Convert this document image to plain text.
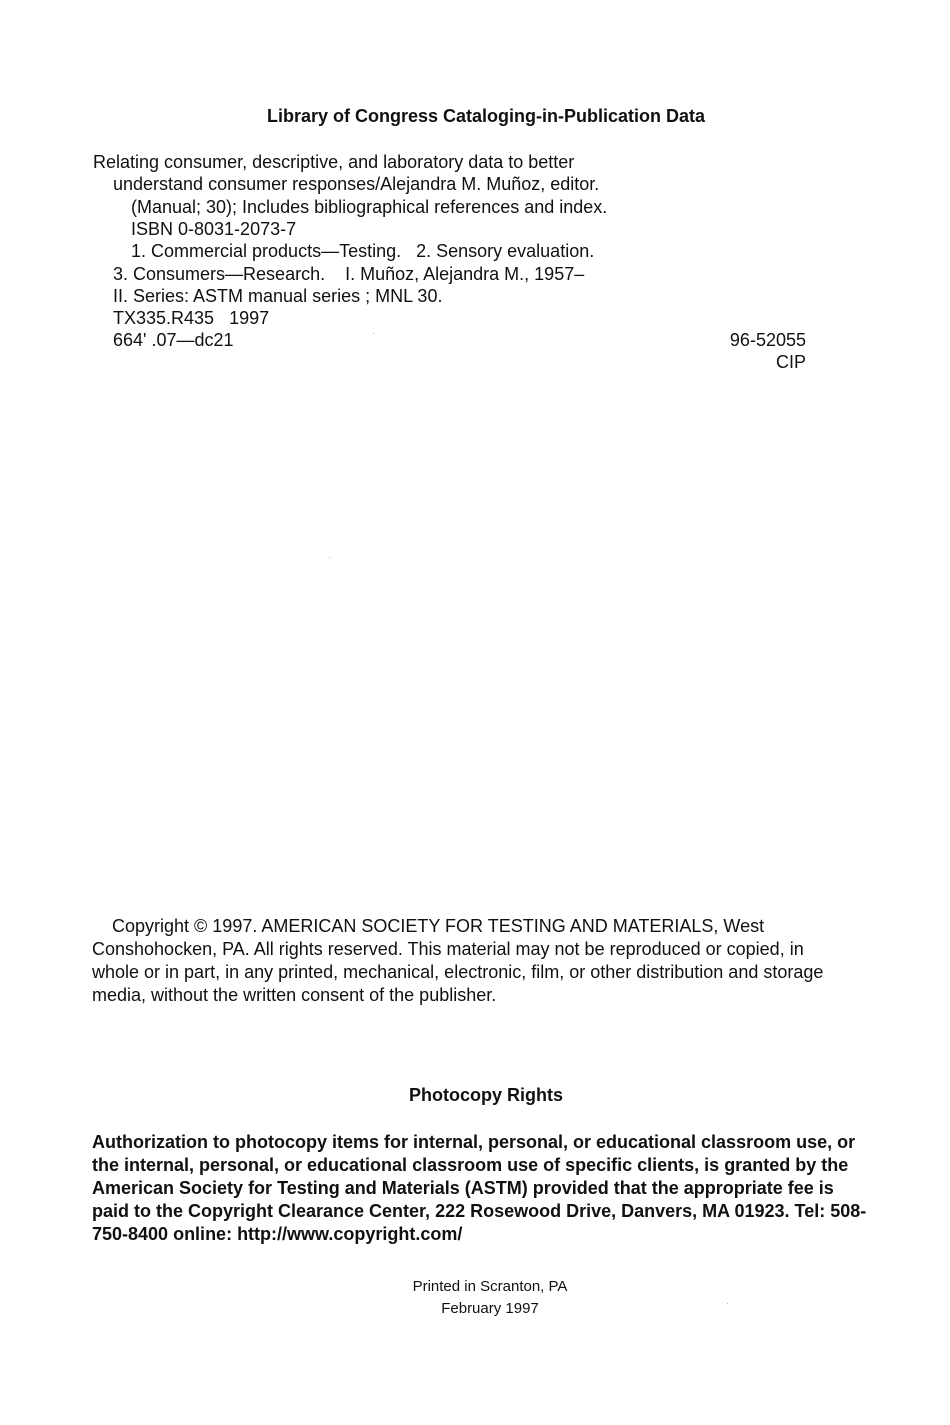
Library of Congress Cataloging-in-Publication Data
Relating consumer, descriptive, and laboratory data to better
understand consumer responses/Alejandra M. Muñoz, editor.
(Manual; 30); Includes bibliographical references and index.
ISBN 0-8031-2073-7
1. Commercial products—Testing.   2. Sensory evaluation.
3. Consumers—Research.    I. Muñoz, Alejandra M., 1957–
II. Series: ASTM manual series ; MNL 30.
TX335.R435   1997
664' .07—dc21	96-52055
CIP
Copyright © 1997. AMERICAN SOCIETY FOR TESTING AND MATERIALS, West Conshohocken, PA. All rights reserved. This material may not be reproduced or copied, in whole or in part, in any printed, mechanical, electronic, film, or other distribution and storage media, without the written consent of the publisher.
Photocopy Rights
Authorization to photocopy items for internal, personal, or educational classroom use, or the internal, personal, or educational classroom use of specific clients, is granted by the American Society for Testing and Materials (ASTM) provided that the appropriate fee is paid to the Copyright Clearance Center, 222 Rosewood Drive, Danvers, MA 01923. Tel: 508-750-8400 online: http://www.copyright.com/
Printed in Scranton, PA
February 1997
